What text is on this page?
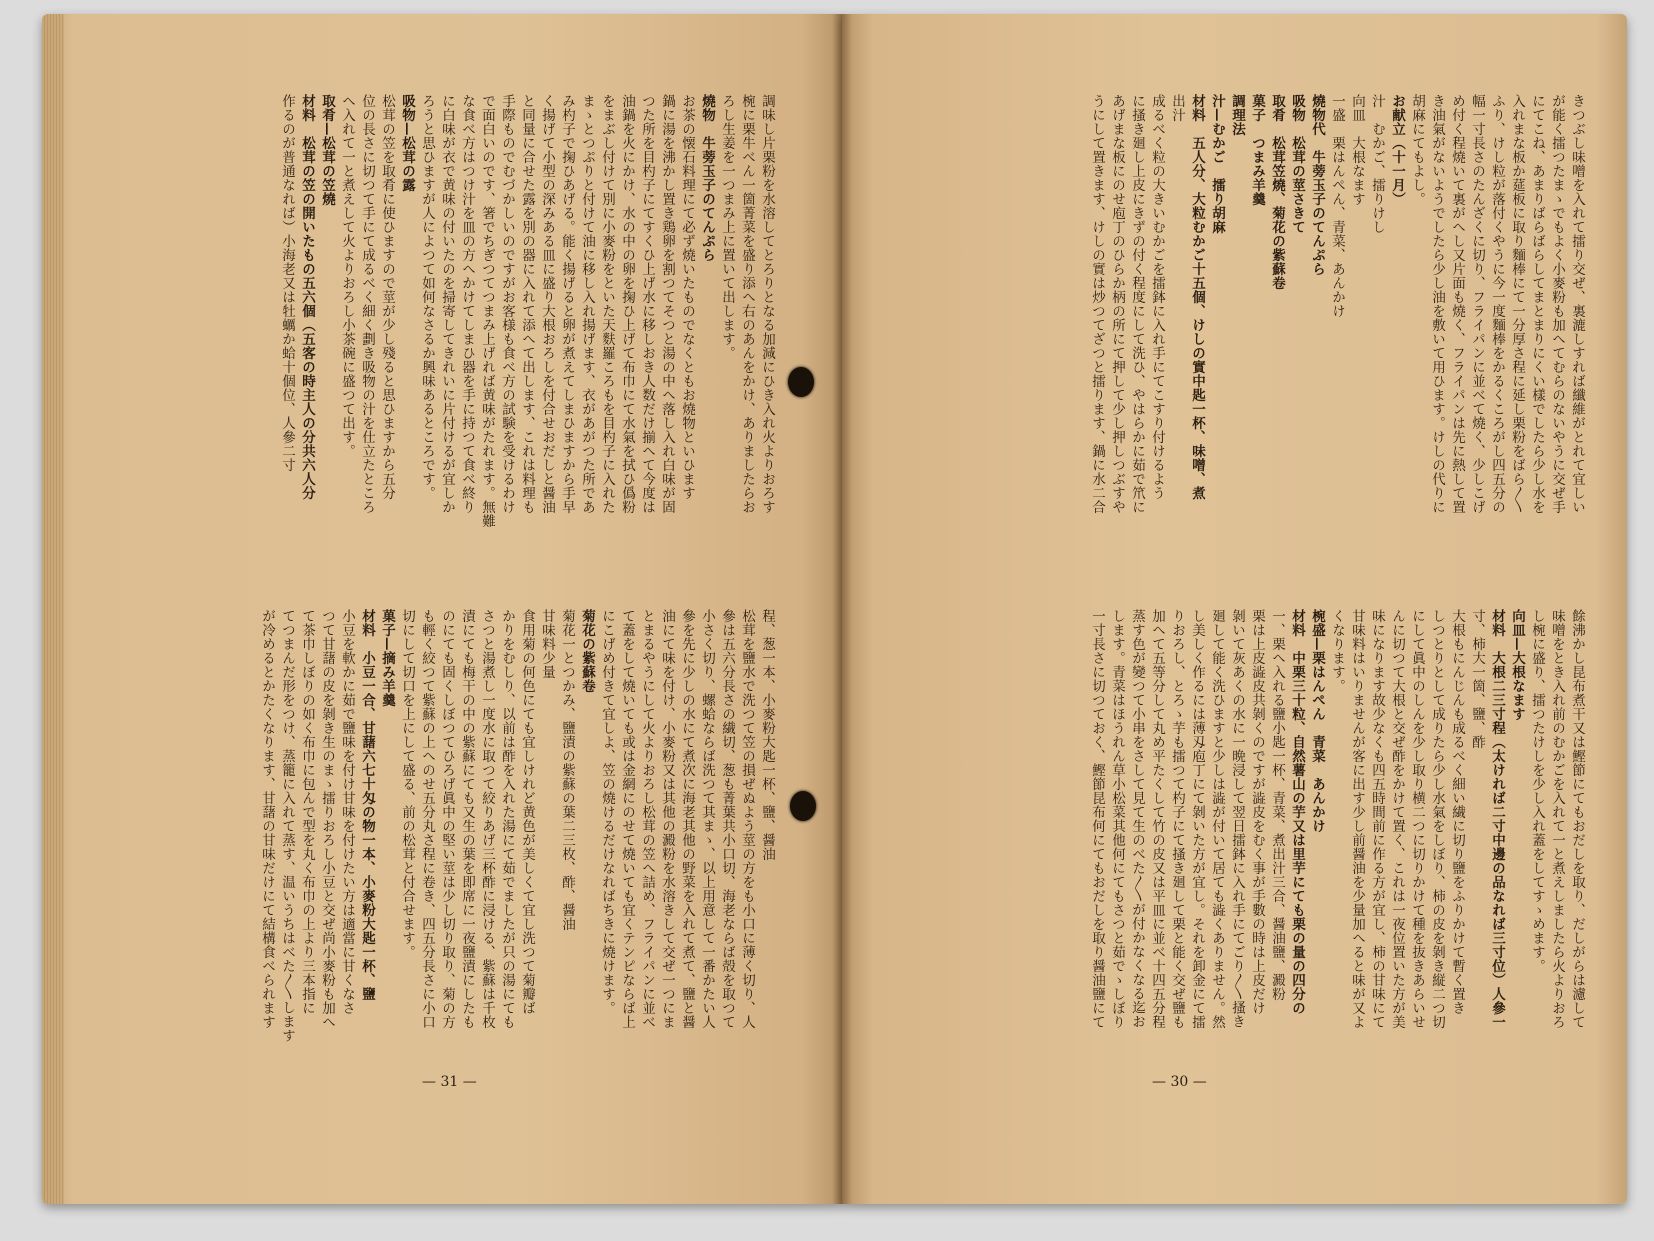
調味し片栗粉を水溶してとろりとなる加減にひき入れ火よりおろす

椀に栗牛べん一箇菁菜を盛り添へ右のあんをかけ、ありましたらお

ろし生姜を一つまみ上に置いて出します。

燒物　牛蒡玉子のてんぷら

お茶の懐石料理にて必ず燒いたものでなくともお燒物といひます

鍋に湯を沸かし置き鶏卵を割つてそつと湯の中へ落し入れ白味が固

つた所を目杓子にてすくひ上げ水に移しおき人数だけ揃へて今度は

油鍋を火にかけ、水の中の卵を掬ひ上げて布巾にて水氣を拭ひ僞粉

をまぶし付けて別に小麥粉をといた天麩羅ころもを目杓子に入れた

まゝとつぷりと付けて油に移し入れ揚げます、衣があがつた所であ

み杓子で掬ひあげる。能く揚げると卵が煮えてしまひますから手早

く揚げて小型の深みある皿に盛り大根おろしを付合せおだしと醤油

と同量に合せた露を別の器に入れて添へて出します、これは料理も

手際ものでむづかしいのですがお客様も食べ方の試験を受けるわけ

で面白いのです、箸でちぎつてつまみ上げれば黄味がたれます。無難

な食べ方はつけ汁を皿の方へかけてしまひ器を手に持つて食べ終り

に白味が衣で黄味の付いたのを掃寄してきれいに片付けるが宜しか

ろうと思ひますが人によつて如何なさるか興味あるところです。

吸物—松茸の露

松茸の笠を取肴に使ひますので莖が少し殘ると思ひますから五分

位の長さに切つて手にて成るべく細く劃き吸物の汁を仕立たところ

へ入れて一と煮えして火よりおろし小茶碗に盛つて出す。

取肴—松茸の笠燒

材料　松茸の笠の開いたもの五六個（五客の時主人の分共六人分

作るのが普通なれば）小海老又は牡蠣か蛤十個位、人參二寸

程、葱一本、小麥粉大匙一杯、鹽、醤油

松茸を鹽水で洗つて笠の損ぜぬよう莖の方をも小口に薄く切り、人

參は五六分長さの繊切、葱も菁葉共小口切、海老ならば殻を取つて

小さく切り、螺蛤ならば洗つて其まゝ、以上用意して一番かたい人

參を先に少しの水にて煮次に海老其他の野菜を入れて煮て、鹽と醤

油にて味を付け、小麥粉又は其他の澱粉を水溶きして交ぜ一つにま

とまるやうにして火よりおろし松茸の笠へ詰め、フライパンに並べ

て蓋をして燒いても或は金網にのせて燒いても宜くテンピならば上

にこげめ付きて宜しよ、笠の燒けるだけなればちきに燒けます。

菊花の紫蘇卷

菊花一とつかみ、鹽漬の紫蘇の葉二三枚、酢、醤油

甘味料少量

食用菊の何色にても宜しけれど黄色が美しくて宜し洗つて菊瓣ば

かりをむしり、以前は酢を入れた湯にて茹でましたが只の湯にても

さつと湯煮し一度水に取つて絞りあげ三杯酢に浸ける、紫蘇は千枚

漬にても梅干の中の紫蘇にても又生の葉を即席に一夜鹽漬にしたも

のにても固くしぼつてひろげ眞中の堅い莖は少し切り取り、菊の方

も輕く絞つて紫蘇の上へのせ五分丸さ程に卷き、四五分長さに小口

切にして切口を上にして盛る、前の松茸と付合せます。

菓子—摘み羊羹

材料　小豆一合、甘藷六七十匁の物一本、小麥粉大匙一杯、鹽

小豆を軟かに茹で鹽味を付け甘味を付けたい方は適當に甘くなさ

つて甘藷の皮を剝き生のまゝ擂りおろし小豆と交ぜ尚小麥粉も加へ

て茶巾しぼりの如く布巾に包んで型を丸く布巾の上より三本指に

てつまんだ形をつけ、蒸籠に入れて蒸す、温いうちはべた〱します

が冷めるとかたくなります、甘藷の甘味だけにて結構食べられます

— 31 —

きつぶし味噌を入れて擂り交ぜ、裏漉しすれば纖維がとれて宜しい

が能く擂つたまゝでもよく小麥粉も加へてむらのないやうに交ぜ手

にてこね、あまりばらばらしてまとまりにくい樣でしたら少し水を

入れまな板か莚板に取り麵棒にて一分厚さ程に延し栗粉をばら〱

ふり、けし粒が落付くやうに今一度麵棒をかるくころがし四五分の

幅一寸長さのたんざくに切り、フライパンに並べて燒く、少しこげ

め付く程燒いて裏がへし又片面も燒く、フライパンは先に熱して置

き油氣がないようでしたら少し油を敷いて用ひます。けしの代りに

胡麻にてもよし。

お献立（十一月）

汁　むかご、擂りけし

向皿　大根なます

一盛　栗はんぺん、青菜、あんかけ

燒物代　牛蒡玉子のてんぷら

吸物　松茸の莖さきて

取肴　松茸笠燒、菊花の紫蘇卷

菓子　つまみ羊羹

調理法

汁—むかご　擂り胡麻

材料　五人分、大粒むかご十五個、けしの實中匙一杯、味噌、煮

出汁

成るべく粒の大きいむかごを擂鉢に入れ手にてこすり付けるよう

に搔き廻し上皮にきずの付く程度にして洗ひ、やはらかに茹で笊に

あげまな板にのせ庖丁のひらか柄の所にて押して少し押しつぶすや

うにして置きます、けしの實は炒つてざつと擂ります、鍋に水二合

餘沸かし昆布煮干又は鰹節にてもおだしを取り、だしがらは濾して

味噌をとき入れ前のむかごを入れて一と煮えしましたら火よりおろ

し椀に盛り、擂つたけしを少し入れ蓋をしてすゝめます。

向皿—大根なます

材料　大根二三寸程（太ければ二寸中邊の品なれば三寸位）人參一

寸、柿大一箇、鹽、酢

大根もにんじんも成るべく細い繊に切り鹽をふりかけて暫く置き

しつとりとして成りたら少し水氣をしぼり、柿の皮を剝き縦二つ切

にして眞中のしんを少し取り横二つに切りかけて種を抜きあらいせ

んに切つて大根と交ぜ酢をかけて置く、これは一夜位置いた方が美

味になります故少なくも四五時間前に作る方が宜し、柿の甘味にて

甘味料はいりませんが客に出す少し前醤油を少量加へると味が又よ

くなります。

椀盛—栗はんぺん　青菜　あんかけ

材料　中栗三十粒、自然薯山の芋又は里芋にても栗の量の四分の

一、栗へ入れる鹽小匙一杯、青菜、煮出汁三合、醤油鹽、澱粉

栗は上皮澁皮共剝くのですが澁皮をむく事が手數の時は上皮だけ

剝いて灰あくの水に一晩浸して翌日擂鉢に入れ手にてごり〱搔き

廻して能く洗ひますと少しは澁が付いて居ても澁くありません。然

し美しく作るには薄刄庖丁にて剝いた方が宜し。それを卸金にて擂

りおろし、とろゝ芋も擂つて杓子にて搔き廻して栗と能く交ぜ鹽も

加へて五等分して丸め平たくして竹の皮又は平皿に並べ十四五分程

蒸す色が變つて小串をさして見て生のべた〱が付かなくなる迄お

します。青菜はほうれん草小松菜其他何にてもさつと茹でゝしぼり

一寸長さに切つておく、鰹節昆布何にてもおだしを取り醤油鹽にて

— 30 —
